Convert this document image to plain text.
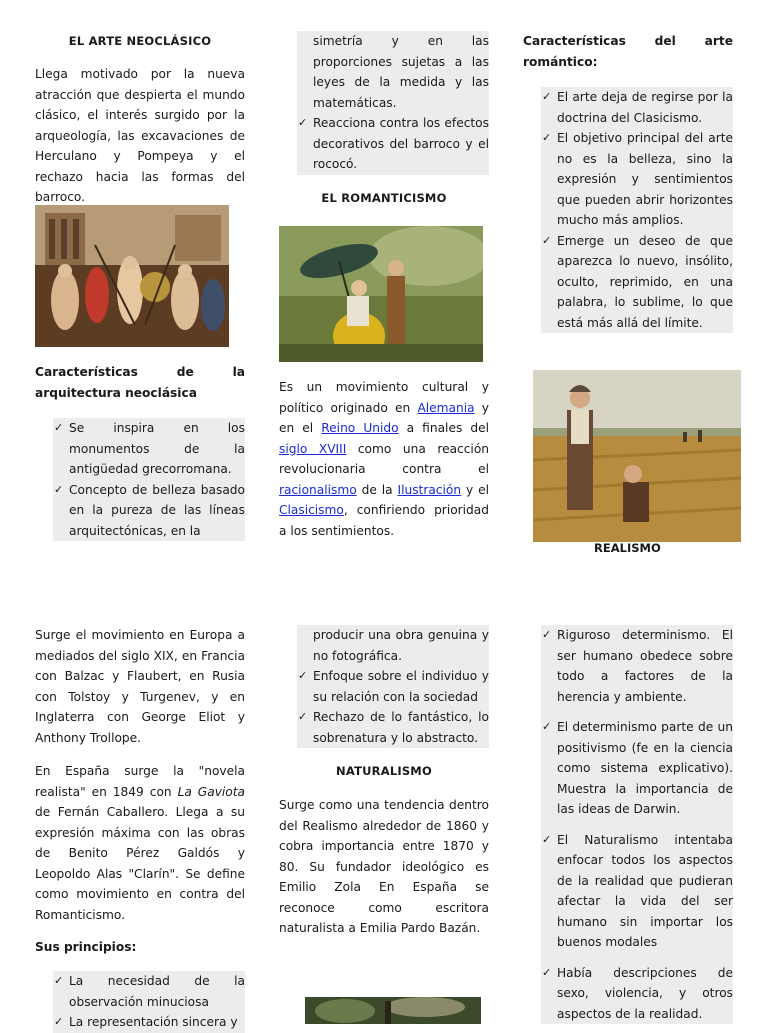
EL ARTE NEOCLÁSICO
Llega motivado por la nueva atracción que despierta el mundo clásico, el interés surgido por la arqueología, las excavaciones de Herculano y Pompeya y el rechazo hacia las formas del barroco.
Características de la arquitectura neoclásica
✓ Se inspira en los monumentos de la antigüedad grecorromana.
✓ Concepto de belleza basado en la pureza de las líneas arquitectónicas, en la
Surge el movimiento en Europa a mediados del siglo XIX, en Francia con Balzac y Flaubert, en Rusia con Tolstoy y Turgenev, y en Inglaterra con George Eliot y Anthony Trollope.
En España surge la "novela realista" en 1849 con La Gaviota de Fernán Caballero. Llega a su expresión máxima con las obras de Benito Pérez Galdós y Leopoldo Alas "Clarín". Se define como movimiento en contra del Romanticismo.
Sus principios:
✓ La necesidad de la observación minuciosa
✓ La representación sincera y
simetría y en las proporciones sujetas a las leyes de la medida y las matemáticas.
✓ Reacciona contra los efectos decorativos del barroco y el rococó.
EL ROMANTICISMO
Es un movimiento cultural y político originado en Alemania y en el Reino Unido a finales del siglo XVIII como una reacción revolucionaria contra el racionalismo de la Ilustración y el Clasicismo, confiriendo prioridad a los sentimientos.
producir una obra genuina y no fotográfica.
✓ Enfoque sobre el individuo y su relación con la sociedad
✓ Rechazo de lo fantástico, lo sobrenatura y lo abstracto.
NATURALISMO
Surge como una tendencia dentro del Realismo alrededor de 1860 y cobra importancia entre 1870 y 80. Su fundador ideológico es Emilio Zola En España se reconoce como escritora naturalista a Emilia Pardo Bazán.
Características del arte romántico:
✓ El arte deja de regirse por la doctrina del Clasicismo.
✓ El objetivo principal del arte no es la belleza, sino la expresión y sentimientos que pueden abrir horizontes mucho más amplios.
✓ Emerge un deseo de que aparezca lo nuevo, insólito, oculto, reprimido, en una palabra, lo sublime, lo que está más allá del límite.
REALISMO
✓ Riguroso determinismo. El ser humano obedece sobre todo a factores de la herencia y ambiente.
✓ El determinismo parte de un positivismo (fe en la ciencia como sistema explicativo). Muestra la importancia de las ideas de Darwin.
✓ El Naturalismo intentaba enfocar todos los aspectos de la realidad que pudieran afectar la vida del ser humano sin importar los buenos modales
✓ Había descripciones de sexo, violencia, y otros aspectos de la realidad.
